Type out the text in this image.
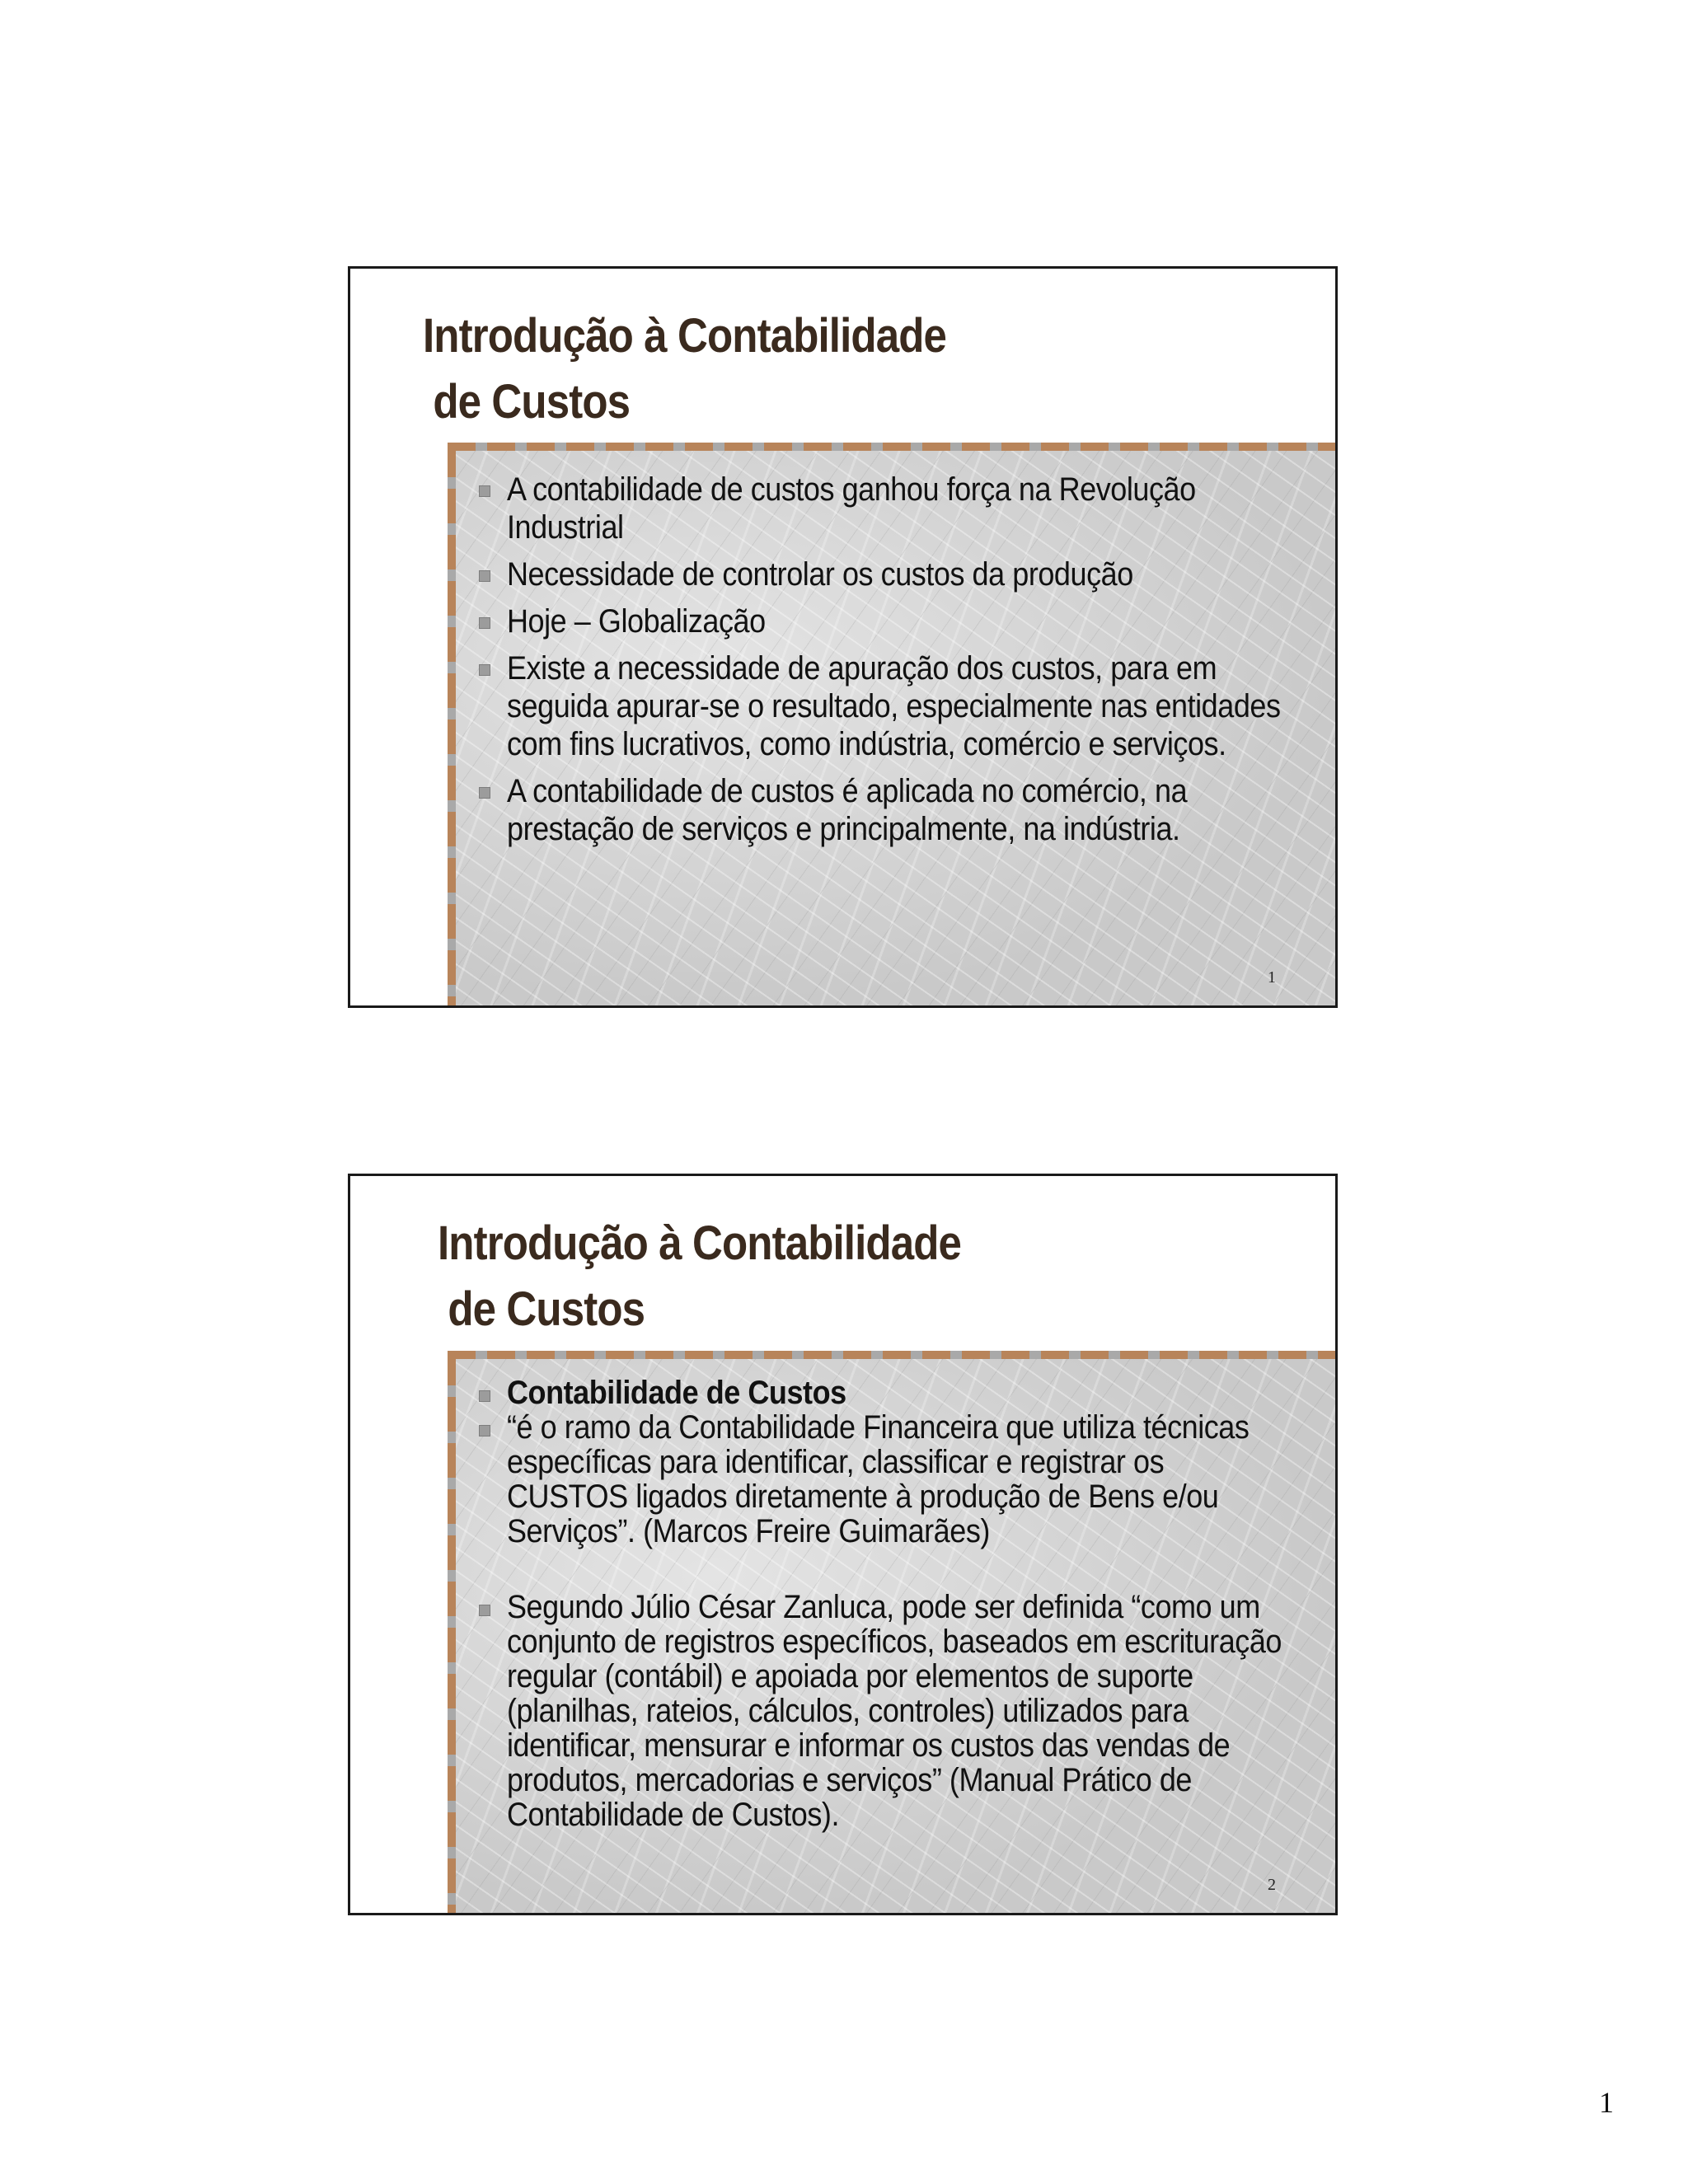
Introdução à Contabilidade
de Custos
A contabilidade de custos ganhou força na Revolução Industrial
Necessidade de controlar os custos da produção
Hoje – Globalização
Existe a necessidade de apuração dos custos, para em seguida apurar-se o resultado, especialmente nas entidades com fins lucrativos, como indústria, comércio e serviços.
A contabilidade de custos é aplicada no comércio, na prestação de serviços e principalmente, na indústria.
1
Introdução à Contabilidade
de Custos
Contabilidade de Custos
“é o ramo da Contabilidade Financeira que utiliza técnicas específicas para identificar, classificar e registrar os CUSTOS ligados diretamente à produção de Bens e/ou Serviços”. (Marcos Freire Guimarães)
Segundo Júlio César Zanluca, pode ser definida “como um conjunto de registros específicos, baseados em escrituração regular (contábil) e apoiada por elementos de suporte (planilhas, rateios, cálculos, controles) utilizados para identificar, mensurar e informar os custos das vendas de produtos, mercadorias e serviços” (Manual Prático de Contabilidade de Custos).
2
1
